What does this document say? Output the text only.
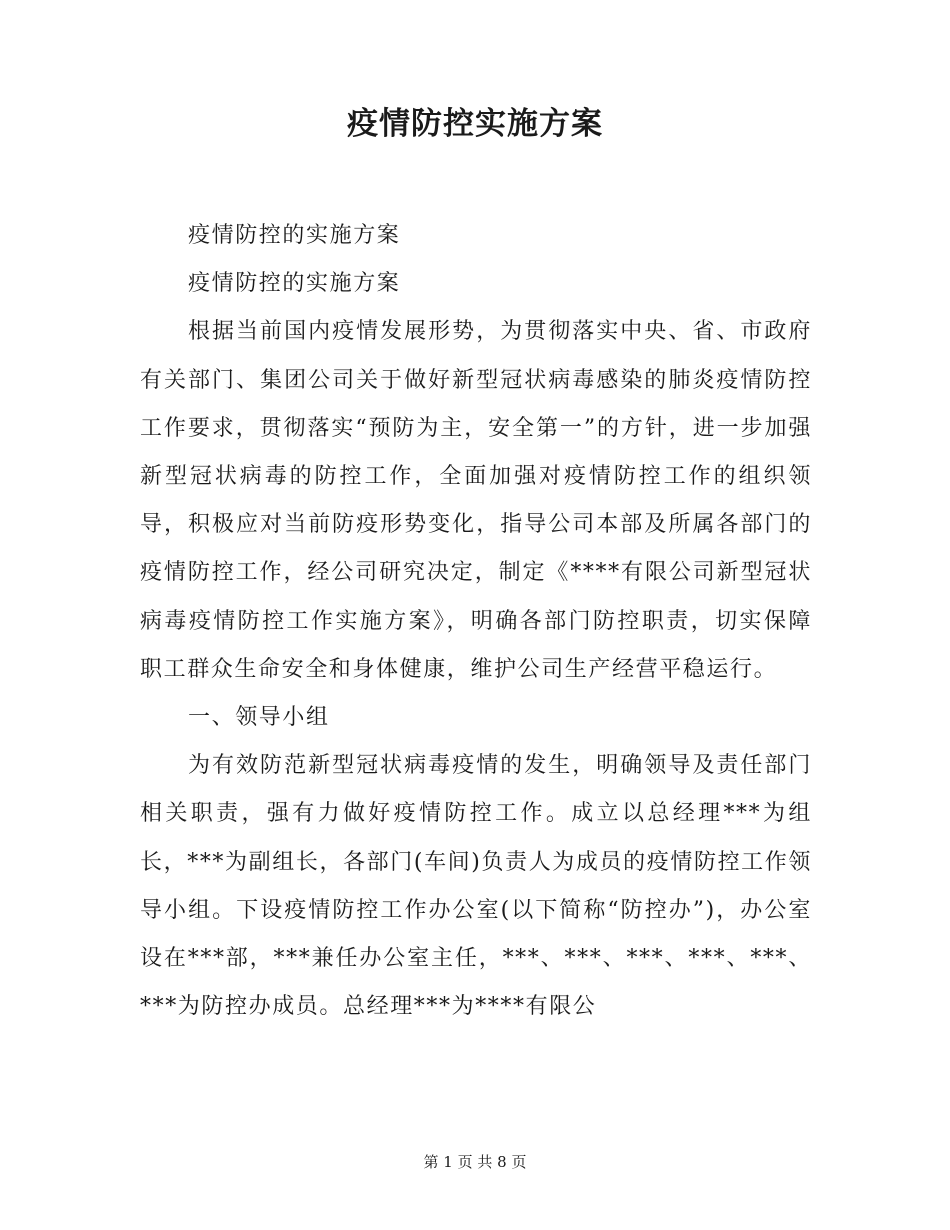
疫情防控实施方案

疫情防控的实施方案

疫情防控的实施方案

根据当前国内疫情发展形势，为贯彻落实中央、省、市政府有关部门、集团公司关于做好新型冠状病毒感染的肺炎疫情防控工作要求，贯彻落实“预防为主，安全第一”的方针，进一步加强新型冠状病毒的防控工作，全面加强对疫情防控工作的组织领导，积极应对当前防疫形势变化，指导公司本部及所属各部门的疫情防控工作，经公司研究决定，制定《****有限公司新型冠状病毒疫情防控工作实施方案》，明确各部门防控职责，切实保障职工群众生命安全和身体健康，维护公司生产经营平稳运行。

一、领导小组

为有效防范新型冠状病毒疫情的发生，明确领导及责任部门相关职责，强有力做好疫情防控工作。成立以总经理***为组长，***为副组长，各部门(车间)负责人为成员的疫情防控工作领导小组。下设疫情防控工作办公室(以下简称“防控办”)，办公室设在***部，***兼任办公室主任，***、***、***、***、***、***为防控办成员。总经理***为****有限公

第 1 页 共 8 页
